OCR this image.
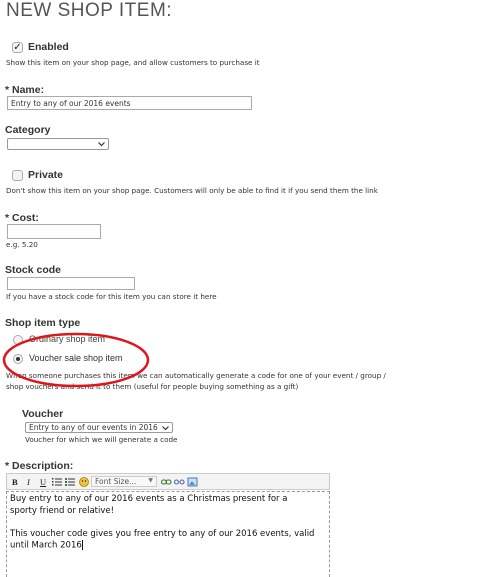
NEW SHOP ITEM:
✓ Enabled
Show this item on your shop page, and allow customers to purchase it
* Name:
Entry to any of our 2016 events
Category
Private
Don't show this item on your shop page. Customers will only be able to find it if you send them the link
* Cost:
e.g. 5.20
Stock code
If you have a stock code for this item you can store it here
Shop item type
Ordinary shop item
Voucher sale shop item
When someone purchases this item we can automatically generate a code for one of your event / group /
shop vouchers and send it to them (useful for people buying something as a gift)
Voucher
Entry to any of our events in 2016
Voucher for which we will generate a code
* Description:
B I U	Font Size... ▼
Buy entry to any of our 2016 events as a Christmas present for a
sporty friend or relative!
This voucher code gives you free entry to any of our 2016 events, valid
until March 2016
